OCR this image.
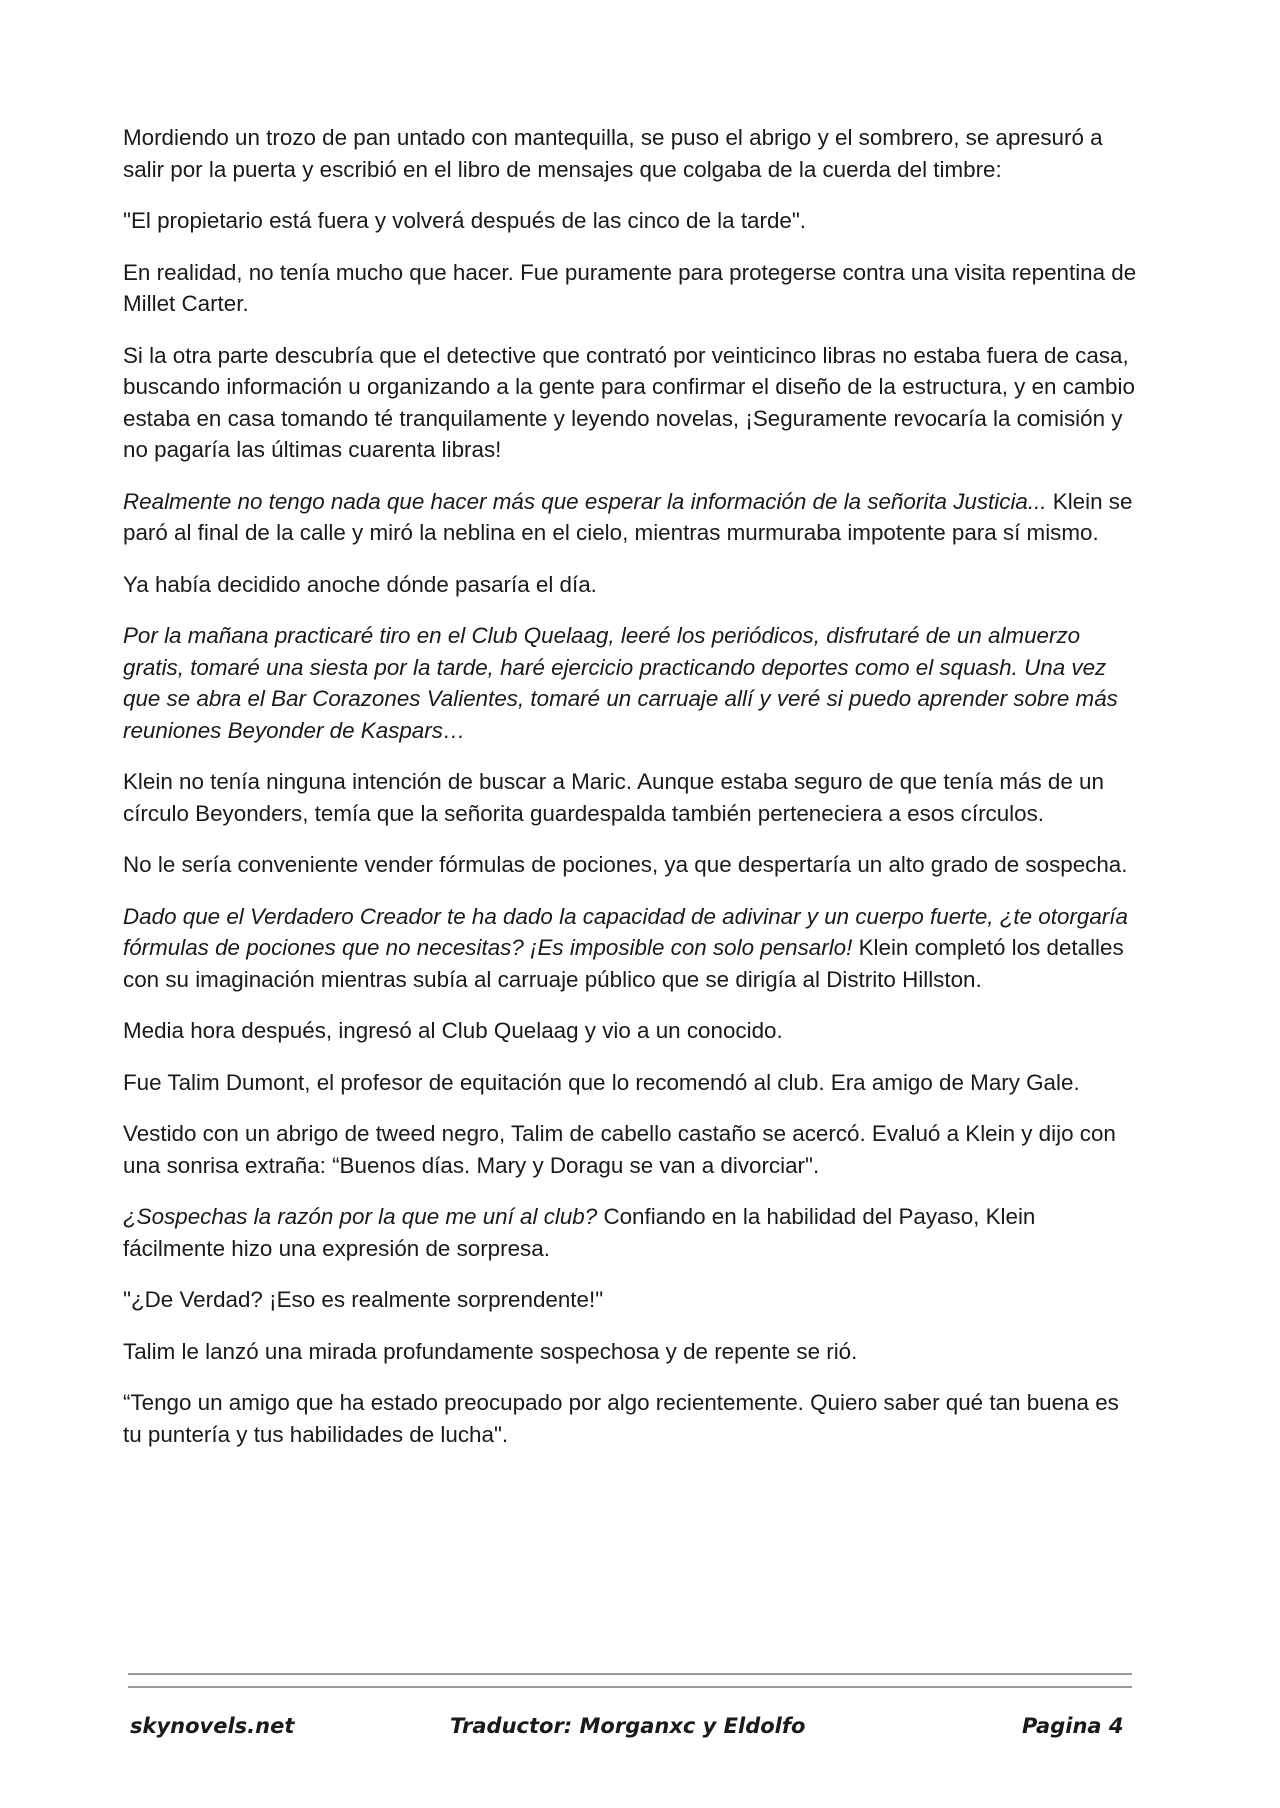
Mordiendo un trozo de pan untado con mantequilla, se puso el abrigo y el sombrero, se apresuró a salir por la puerta y escribió en el libro de mensajes que colgaba de la cuerda del timbre:

"El propietario está fuera y volverá después de las cinco de la tarde".

En realidad, no tenía mucho que hacer. Fue puramente para protegerse contra una visita repentina de Millet Carter.

Si la otra parte descubría que el detective que contrató por veinticinco libras no estaba fuera de casa, buscando información u organizando a la gente para confirmar el diseño de la estructura, y en cambio estaba en casa tomando té tranquilamente y leyendo novelas, ¡Seguramente revocaría la comisión y no pagaría las últimas cuarenta libras!

Realmente no tengo nada que hacer más que esperar la información de la señorita Justicia... Klein se paró al final de la calle y miró la neblina en el cielo, mientras murmuraba impotente para sí mismo.

Ya había decidido anoche dónde pasaría el día.

Por la mañana practicaré tiro en el Club Quelaag, leeré los periódicos, disfrutaré de un almuerzo gratis, tomaré una siesta por la tarde, haré ejercicio practicando deportes como el squash. Una vez que se abra el Bar Corazones Valientes, tomaré un carruaje allí y veré si puedo aprender sobre más reuniones Beyonder de Kaspars…

Klein no tenía ninguna intención de buscar a Maric. Aunque estaba seguro de que tenía más de un círculo Beyonders, temía que la señorita guardespalda también perteneciera a esos círculos.

No le sería conveniente vender fórmulas de pociones, ya que despertaría un alto grado de sospecha.

Dado que el Verdadero Creador te ha dado la capacidad de adivinar y un cuerpo fuerte, ¿te otorgaría fórmulas de pociones que no necesitas? ¡Es imposible con solo pensarlo! Klein completó los detalles con su imaginación mientras subía al carruaje público que se dirigía al Distrito Hillston.

Media hora después, ingresó al Club Quelaag y vio a un conocido.

Fue Talim Dumont, el profesor de equitación que lo recomendó al club. Era amigo de Mary Gale.

Vestido con un abrigo de tweed negro, Talim de cabello castaño se acercó. Evaluó a Klein y dijo con una sonrisa extraña: “Buenos días. Mary y Doragu se van a divorciar".

¿Sospechas la razón por la que me uní al club? Confiando en la habilidad del Payaso, Klein fácilmente hizo una expresión de sorpresa.

"¿De Verdad? ¡Eso es realmente sorprendente!"

Talim le lanzó una mirada profundamente sospechosa y de repente se rió.

“Tengo un amigo que ha estado preocupado por algo recientemente. Quiero saber qué tan buena es tu puntería y tus habilidades de lucha".

skynovels.net	Traductor: Morganxc y Eldolfo	Pagina 4
